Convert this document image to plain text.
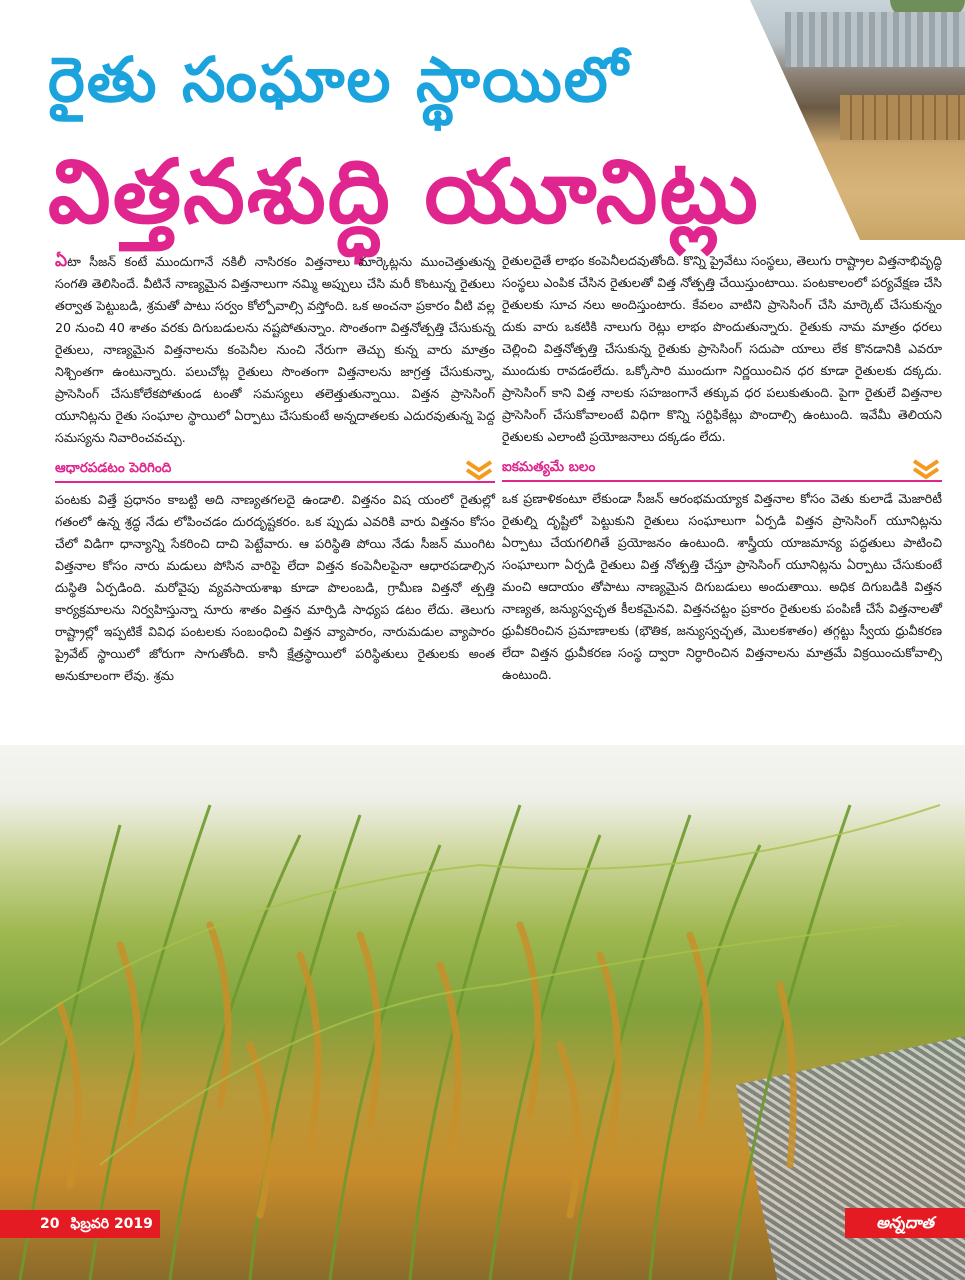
రైతు సంఘాల స్థాయిలో
విత్తనశుద్ధి యూనిట్లు

ఏటా సీజన్ కంటే ముందుగానే నకిలీ నాసిరకం విత్తనాలు మార్కెట్లను ముంచెత్తుతున్న సంగతి తెలిసిందే. వీటినే నాణ్యమైన విత్తనాలుగా నమ్మి అప్పులు చేసి మరీ కొంటున్న రైతులు తర్వాత పెట్టుబడి, శ్రమతో పాటు సర్వం కోల్పోవాల్సి వస్తోంది. ఒక అంచనా ప్రకారం వీటి వల్ల 20 నుంచి 40 శాతం వరకు దిగుబడులను నష్టపోతున్నాం. సొంతంగా విత్తనోత్పత్తి చేసుకున్న రైతులు, నాణ్యమైన విత్తనాలను కంపెనీల నుంచి నేరుగా తెచ్చు కున్న వారు మాత్రం నిశ్చింతగా ఉంటున్నారు. పలుచోట్ల రైతులు సొంతంగా విత్తనాలను జాగ్రత్త చేసుకున్నా, ప్రాసెసింగ్ చేసుకోలేకపోతుండ టంతో సమస్యలు తలెత్తుతున్నాయి. విత్తన ప్రాసెసింగ్ యూనిట్లను రైతు సంఘాల స్థాయిలో ఏర్పాటు చేసుకుంటే అన్నదాతలకు ఎదురవుతున్న పెద్ద సమస్యను నివారించవచ్చు.

ఆధారపడటం పెరిగింది

పంటకు విత్తే ప్రధానం కాబట్టి అది నాణ్యతగలదై ఉండాలి. విత్తనం విష యంలో రైతుల్లో గతంలో ఉన్న శ్రద్ధ నేడు లోపించడం దురదృష్టకరం. ఒక ప్పుడు ఎవరికి వారు విత్తనం కోసం చేలో విడిగా ధాన్యాన్ని సేకరించి దాచి పెట్టేవారు. ఆ పరిస్థితి పోయి నేడు సీజన్ ముంగిట విత్తనాల కోసం నారు మడులు పోసిన వారిపై లేదా విత్తన కంపెనీలపైనా ఆధారపడాల్సిన దుస్థితి ఏర్పడింది. మరోవైపు వ్యవసాయశాఖ కూడా పొలంబడి, గ్రామీణ విత్తనో త్పత్తి కార్యక్రమాలను నిర్వహిస్తున్నా నూరు శాతం విత్తన మార్పిడి సాధ్యప డటం లేదు. తెలుగు రాష్ట్రాల్లో ఇప్పటికే వివిధ పంటలకు సంబంధించి విత్తన వ్యాపారం, నారుమడుల వ్యాపారం ప్రైవేట్ స్థాయిలో జోరుగా సాగుతోంది. కానీ క్షేత్రస్థాయిలో పరిస్థితులు రైతులకు అంత అనుకూలంగా లేవు. శ్రమ

రైతులదైతే లాభం కంపెనీలదవుతోంది. కొన్ని ప్రైవేటు సంస్థలు, తెలుగు రాష్ట్రాల విత్తనాభివృద్ధి సంస్థలు ఎంపిక చేసిన రైతులతో విత్త నోత్పత్తి చేయిస్తుంటాయి. పంటకాలంలో పర్యవేక్షణ చేసి రైతులకు సూచ నలు అందిస్తుంటారు. కేవలం వాటిని ప్రాసెసింగ్ చేసి మార్కెట్ చేసుకున్నం దుకు వారు ఒకటికి నాలుగు రెట్లు లాభం పొందుతున్నారు. రైతుకు నామ మాత్రం ధరలు చెల్లించి విత్తనోత్పత్తి చేసుకున్న రైతుకు ప్రాసెసింగ్ సదుపా యాలు లేక కొనడానికి ఎవరూ ముందుకు రావడంలేదు. ఒక్కోసారి ముందుగా నిర్ణయించిన ధర కూడా రైతులకు దక్కదు. ప్రాసెసింగ్ కాని విత్త నాలకు సహజంగానే తక్కువ ధర పలుకుతుంది. పైగా రైతులే విత్తనాల ప్రాసెసింగ్ చేసుకోవాలంటే విధిగా కొన్ని సర్టిఫికేట్లు పొందాల్సి ఉంటుంది. ఇవేమీ తెలియని రైతులకు ఎలాంటి ప్రయోజనాలు దక్కడం లేదు.

ఐకమత్యమే బలం

ఒక ప్రణాళికంటూ లేకుండా సీజన్ ఆరంభమయ్యాక విత్తనాల కోసం వెతు కులాడే మెజారిటీ రైతుల్ని దృష్టిలో పెట్టుకుని రైతులు సంఘాలుగా ఏర్పడి విత్తన ప్రాసెసింగ్ యూనిట్లను ఏర్పాటు చేయగలిగితే ప్రయోజనం ఉంటుంది. శాస్త్రీయ యాజమాన్య పద్ధతులు పాటించి సంఘాలుగా ఏర్పడి రైతులు విత్త నోత్పత్తి చేస్తూ ప్రాసెసింగ్ యూనిట్లను ఏర్పాటు చేసుకుంటే మంచి ఆదాయం తోపాటు నాణ్యమైన దిగుబడులు అందుతాయి. అధిక దిగుబడికి విత్తన నాణ్యత, జన్యుస్వచ్ఛత కీలకమైనవి. విత్తనచట్టం ప్రకారం రైతులకు పంపిణీ చేసే విత్తనాలతో ధ్రువీకరించిన ప్రమాణాలకు (భౌతిక, జన్యుస్వచ్ఛత, మొలకశాతం) తగ్గట్టు స్వీయ ధ్రువీకరణ లేదా విత్తన ధ్రువీకరణ సంస్థ ద్వారా నిర్ధారించిన విత్తనాలను మాత్రమే విక్రయించుకోవాల్సి ఉంటుంది.

20 ఫిబ్రవరి 2019	అన్నదాత
